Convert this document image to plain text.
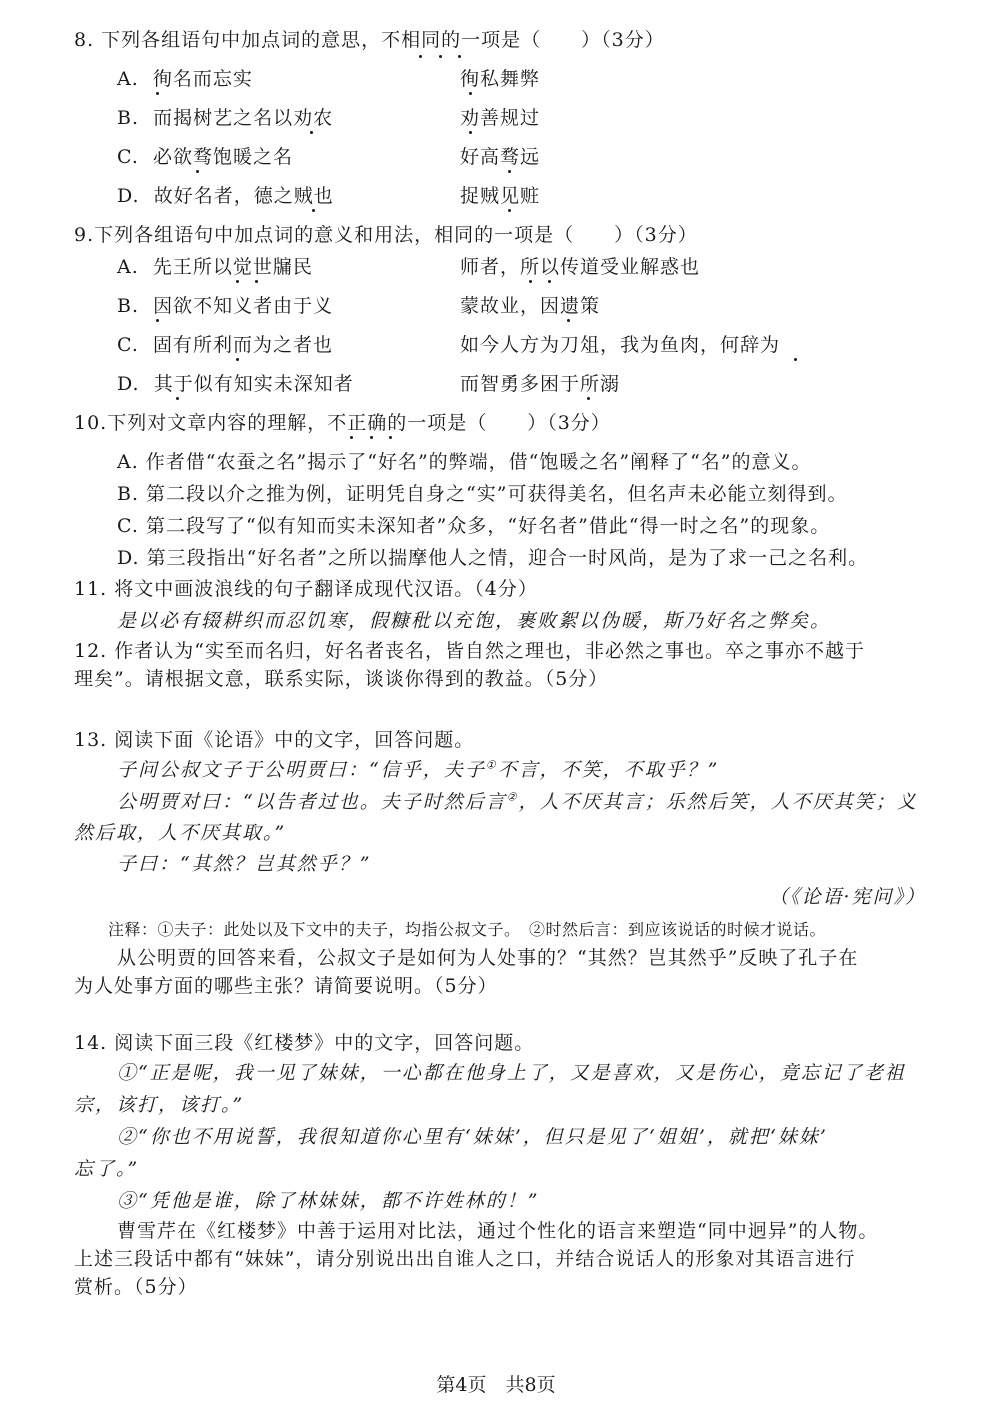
8. 下列各组语句中加点词的意思，不相同的一项是（　　）（3分）
A. 徇名而忘实	徇私舞弊
B. 而揭树艺之名以劝农	劝善规过
C. 必欲骛饱暖之名	好高骛远
D. 故好名者，德之贼也	捉贼见赃
9.下列各组语句中加点词的意义和用法，相同的一项是（　　）（3分）
A. 先王所以觉世牖民	师者，所以传道受业解惑也
B. 因欲不知义者由于义	蒙故业，因遗策
C. 固有所利而为之者也	如今人方为刀俎，我为鱼肉，何辞为
D. 其于似有知实未深知者	而智勇多困于所溺
10.下列对文章内容的理解，不正确的一项是（　　）（3分）
A. 作者借“农蚕之名”揭示了“好名”的弊端，借“饱暖之名”阐释了“名”的意义。
B. 第二段以介之推为例，证明凭自身之“实”可获得美名，但名声未必能立刻得到。
C. 第二段写了“似有知而实未深知者”众多，“好名者”借此“得一时之名”的现象。
D. 第三段指出“好名者”之所以揣摩他人之情，迎合一时风尚，是为了求一己之名利。
11. 将文中画波浪线的句子翻译成现代汉语。（4分）
是以必有辍耕织而忍饥寒，假糠秕以充饱，裹败絮以伪暖，斯乃好名之弊矣。
12. 作者认为“实至而名归，好名者丧名，皆自然之理也，非必然之事也。卒之事亦不越于
理矣”。请根据文意，联系实际，谈谈你得到的教益。（5分）
13. 阅读下面《论语》中的文字，回答问题。
子问公叔文子于公明贾曰：“信乎，夫子①不言，不笑，不取乎？”
公明贾对曰：“以告者过也。夫子时然后言②，人不厌其言；乐然后笑，人不厌其笑；义
然后取，人不厌其取。”
子曰：“其然？岂其然乎？”
（《论语·宪问》）
注释：①夫子：此处以及下文中的夫子，均指公叔文子。　②时然后言：到应该说话的时候才说话。
从公明贾的回答来看，公叔文子是如何为人处事的？“其然？岂其然乎”反映了孔子在
为人处事方面的哪些主张？请简要说明。（5分）
14. 阅读下面三段《红楼梦》中的文字，回答问题。
①“正是呢，我一见了妹妹，一心都在他身上了，又是喜欢，又是伤心，竟忘记了老祖
宗，该打，该打。”
②“你也不用说誓，我很知道你心里有‘妹妹’，但只是见了‘姐姐’，就把‘妹妹’
忘了。”
③“凭他是谁，除了林妹妹，都不许姓林的！”
曹雪芹在《红楼梦》中善于运用对比法，通过个性化的语言来塑造“同中迥异”的人物。
上述三段话中都有“妹妹”，请分别说出出自谁人之口，并结合说话人的形象对其语言进行
赏析。（5分）
第4页　共8页
